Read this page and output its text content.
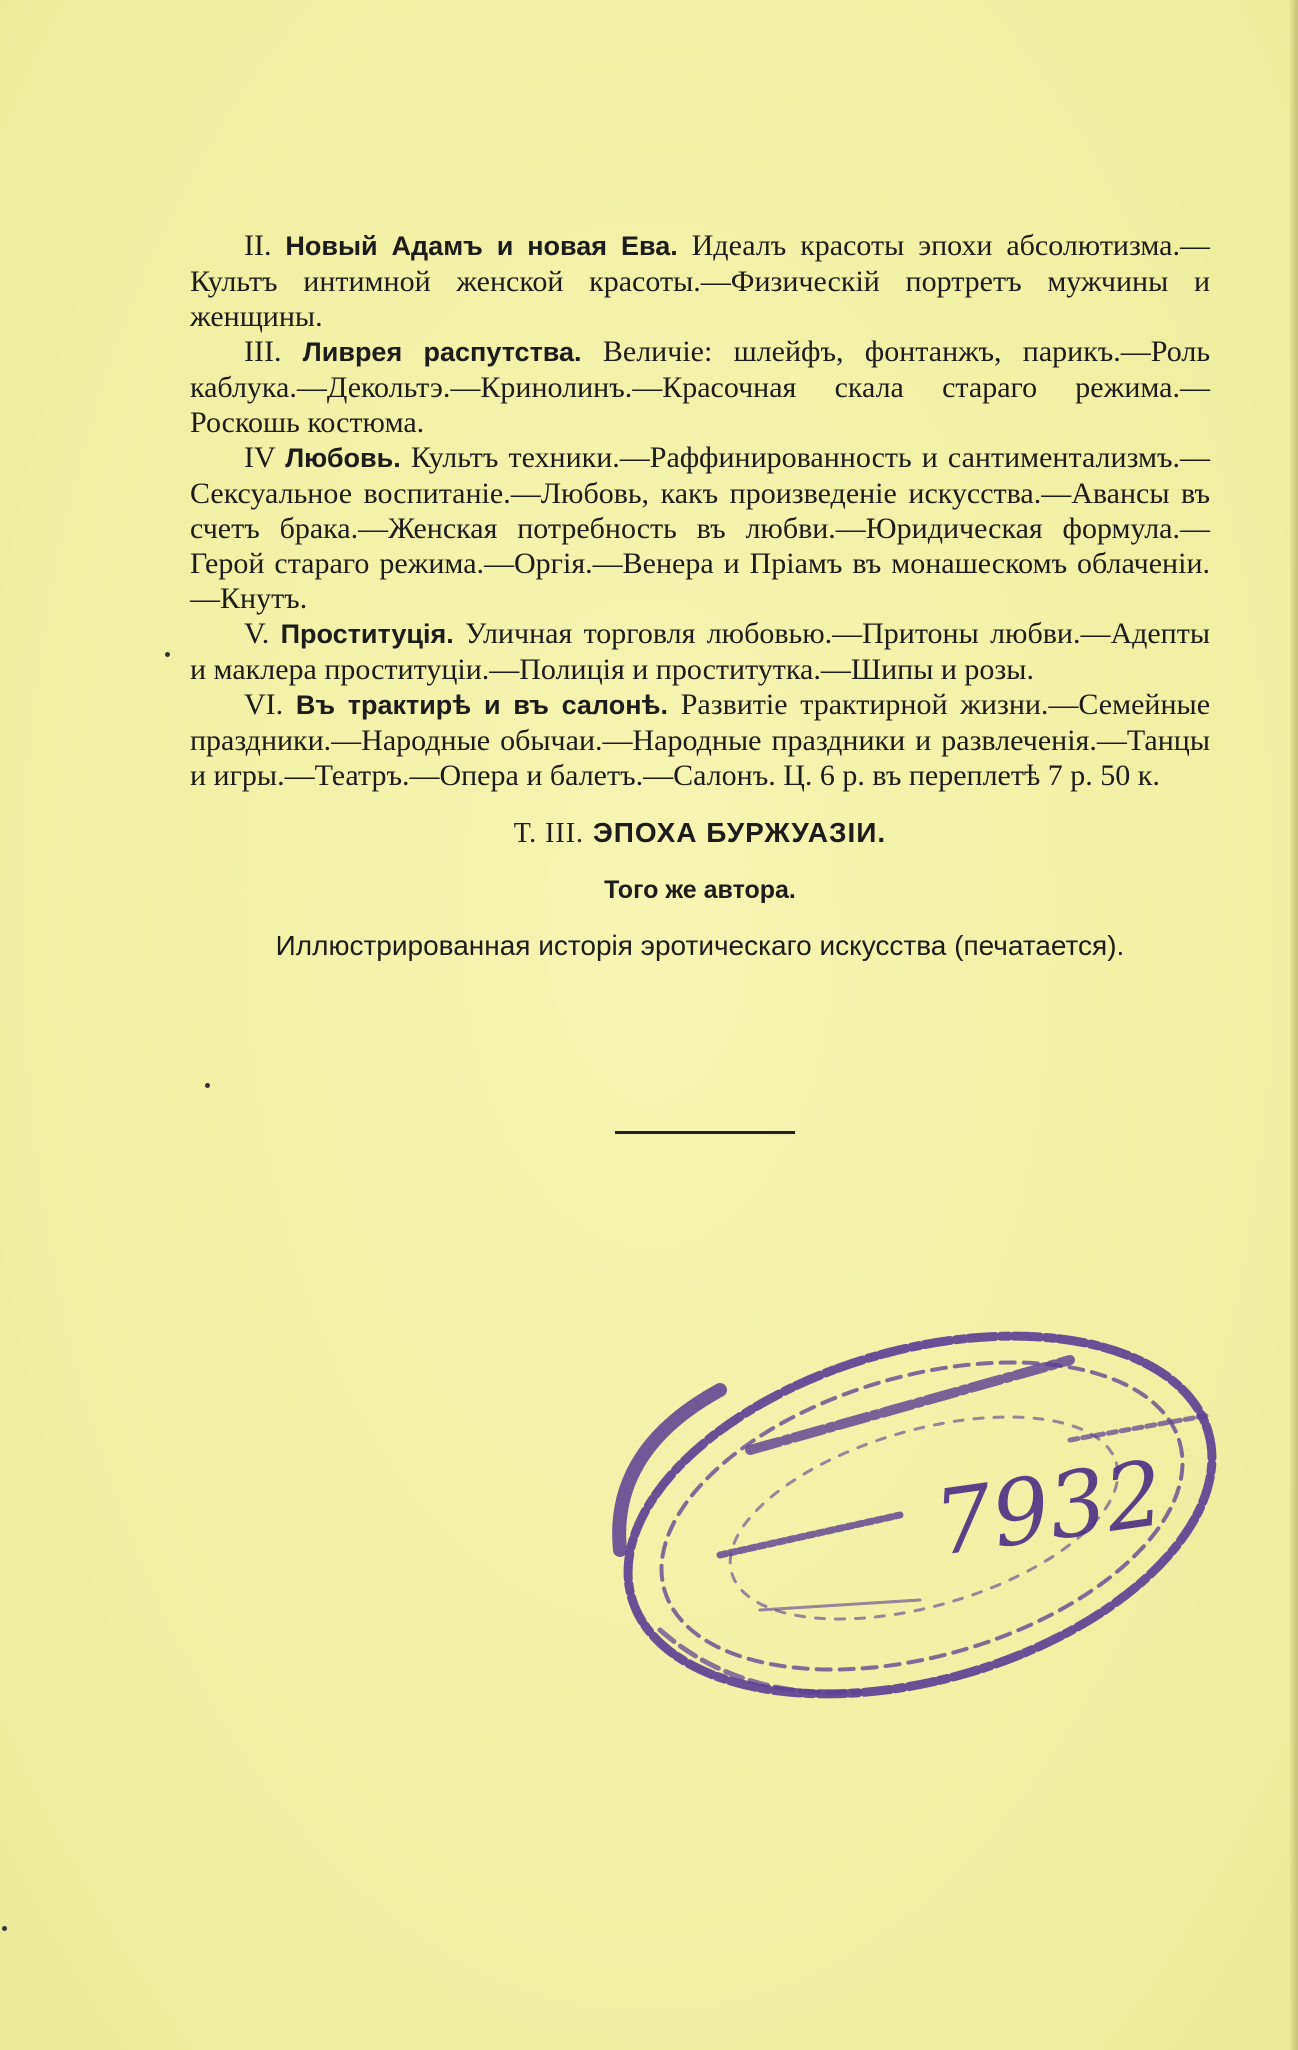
II. Новый Адамъ и новая Ева. Идеалъ красоты эпохи абсолютизма.—Культъ интимной женской красоты.—Физическій портретъ мужчины и женщины.

III. Ливрея распутства. Величіе: шлейфъ, фонтанжъ, парикъ.—Роль каблука.—Декольтэ.—Кринолинъ.—Красочная скала стараго режима.—Роскошь костюма.

IV Любовь. Культъ техники.—Раффинированность и сантиментализмъ.—Сексуальное воспитаніе.—Любовь, какъ произведеніе искусства.—Авансы въ счетъ брака.—Женская потребность въ любви.—Юридическая формула.—Герой стараго режима.—Оргія.—Венера и Пріамъ въ монашескомъ облаченіи.—Кнутъ.

V. Проституція. Уличная торговля любовью.—Притоны любви.—Адепты и маклера проституціи.—Полиція и проститутка.—Шипы и розы.

VI. Въ трактирѣ и въ салонѣ. Развитіе трактирной жизни.—Семейные праздники.—Народные обычаи.—Народные праздники и развлеченія.—Танцы и игры.—Театръ.—Опера и балетъ.—Салонъ. Ц. 6 р. въ переплетѣ 7 р. 50 к.

Т. III. ЭПОХА БУРЖУАЗІИ.
Того же автора.
Иллюстрированная исторія эротическаго искусства (печатается).
7932
